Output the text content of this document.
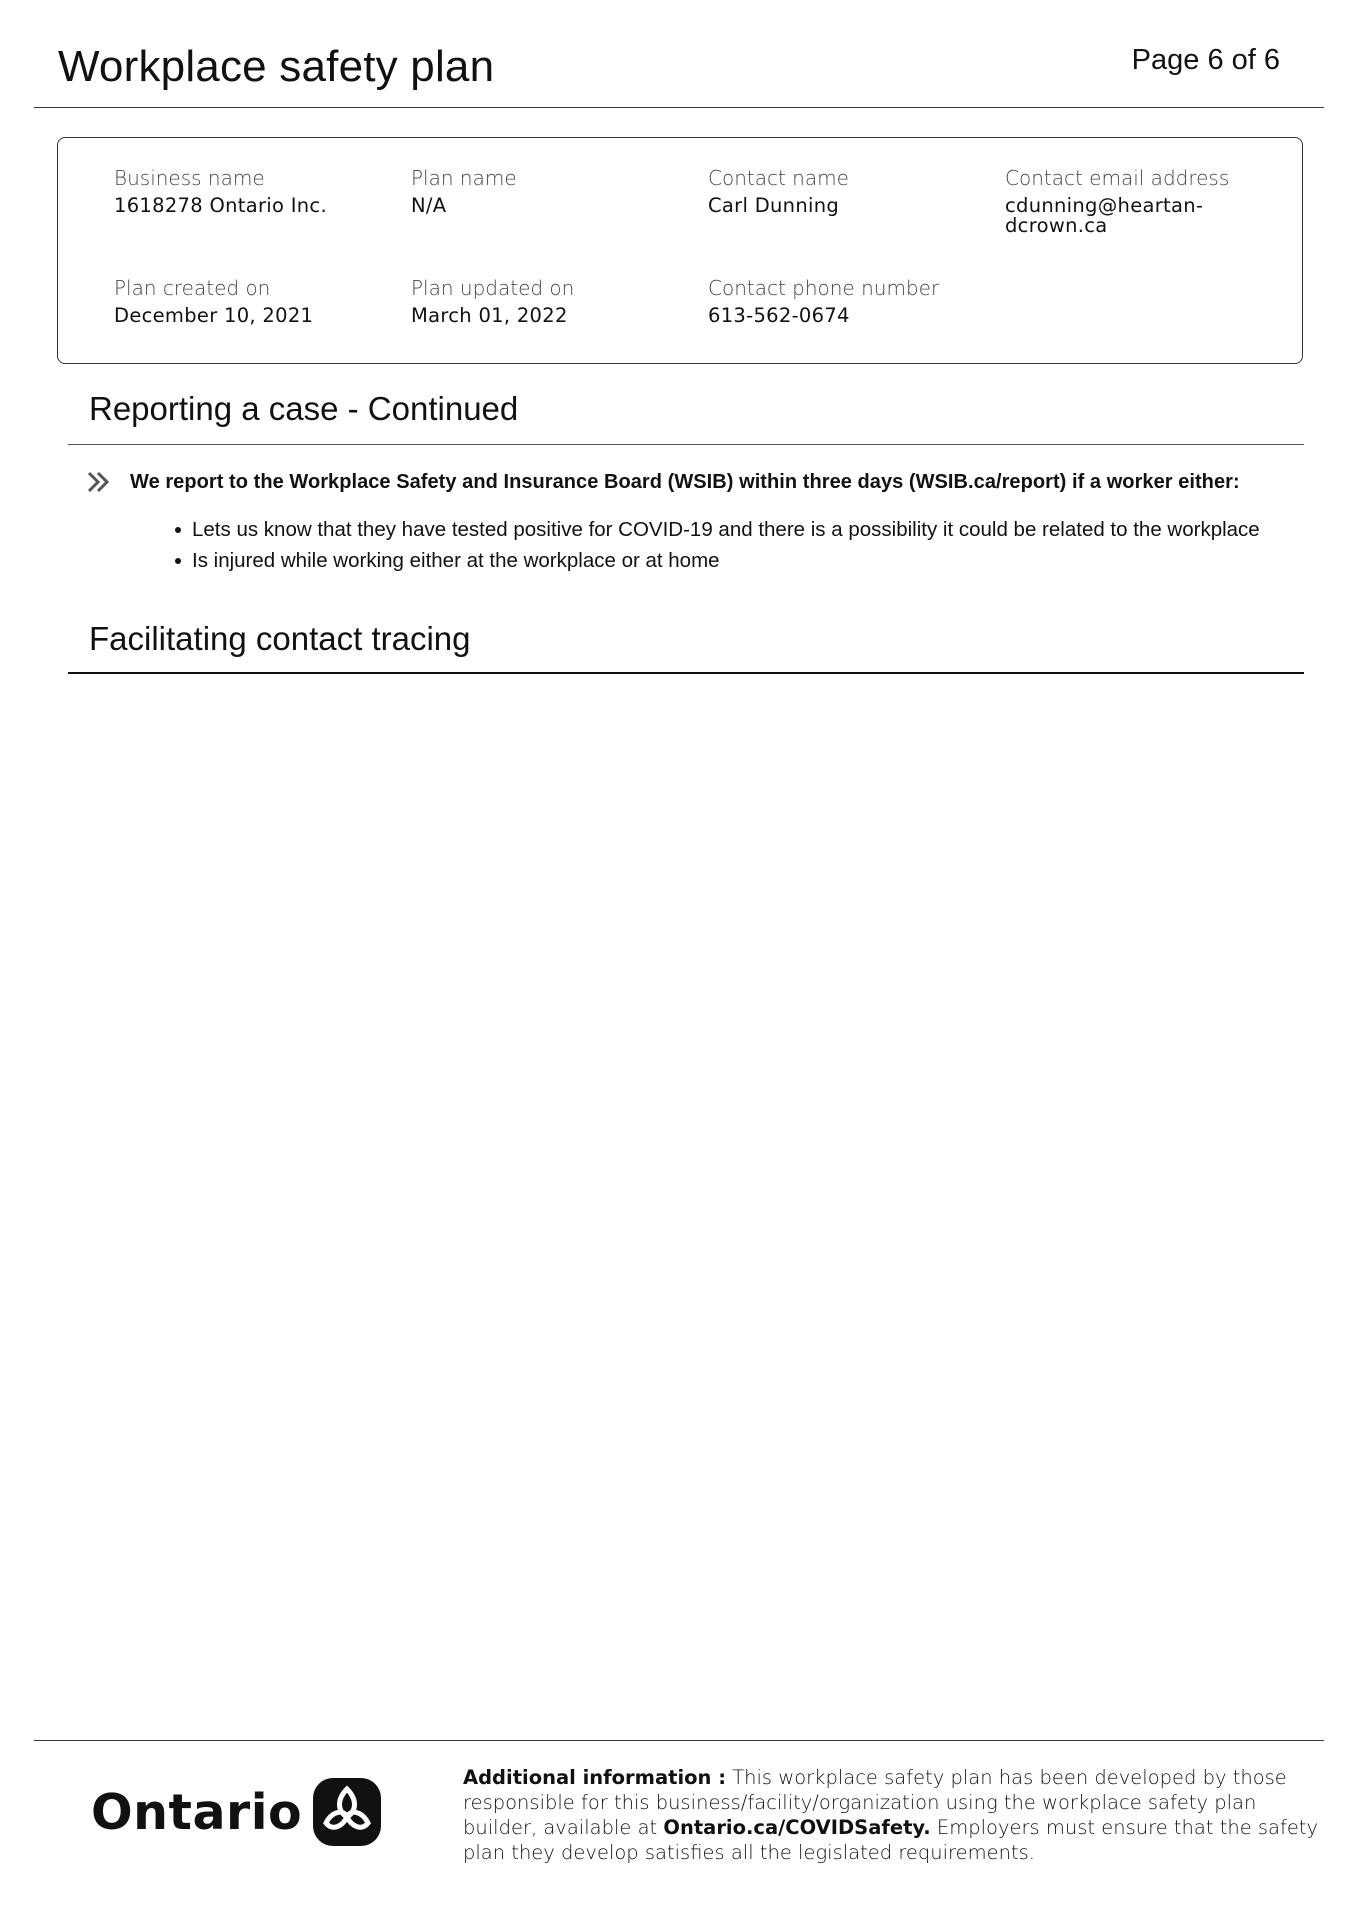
Workplace safety plan	Page 6 of 6
Business name
1618278 Ontario Inc.
Plan name
N/A
Contact name
Carl Dunning
Contact email address
cdunning@heartan-
dcrown.ca
Plan created on
December 10, 2021
Plan updated on
March 01, 2022
Contact phone number
613-562-0674
Reporting a case - Continued
We report to the Workplace Safety and Insurance Board (WSIB) within three days (WSIB.ca/report) if a worker either:
Lets us know that they have tested positive for COVID-19 and there is a possibility it could be related to the workplace
Is injured while working either at the workplace or at home
Facilitating contact tracing
Ontario

Additional information : This workplace safety plan has been developed by those responsible for this business/facility/organization using the workplace safety plan builder, available at Ontario.ca/COVIDSafety. Employers must ensure that the safety plan they develop satisfies all the legislated requirements.
